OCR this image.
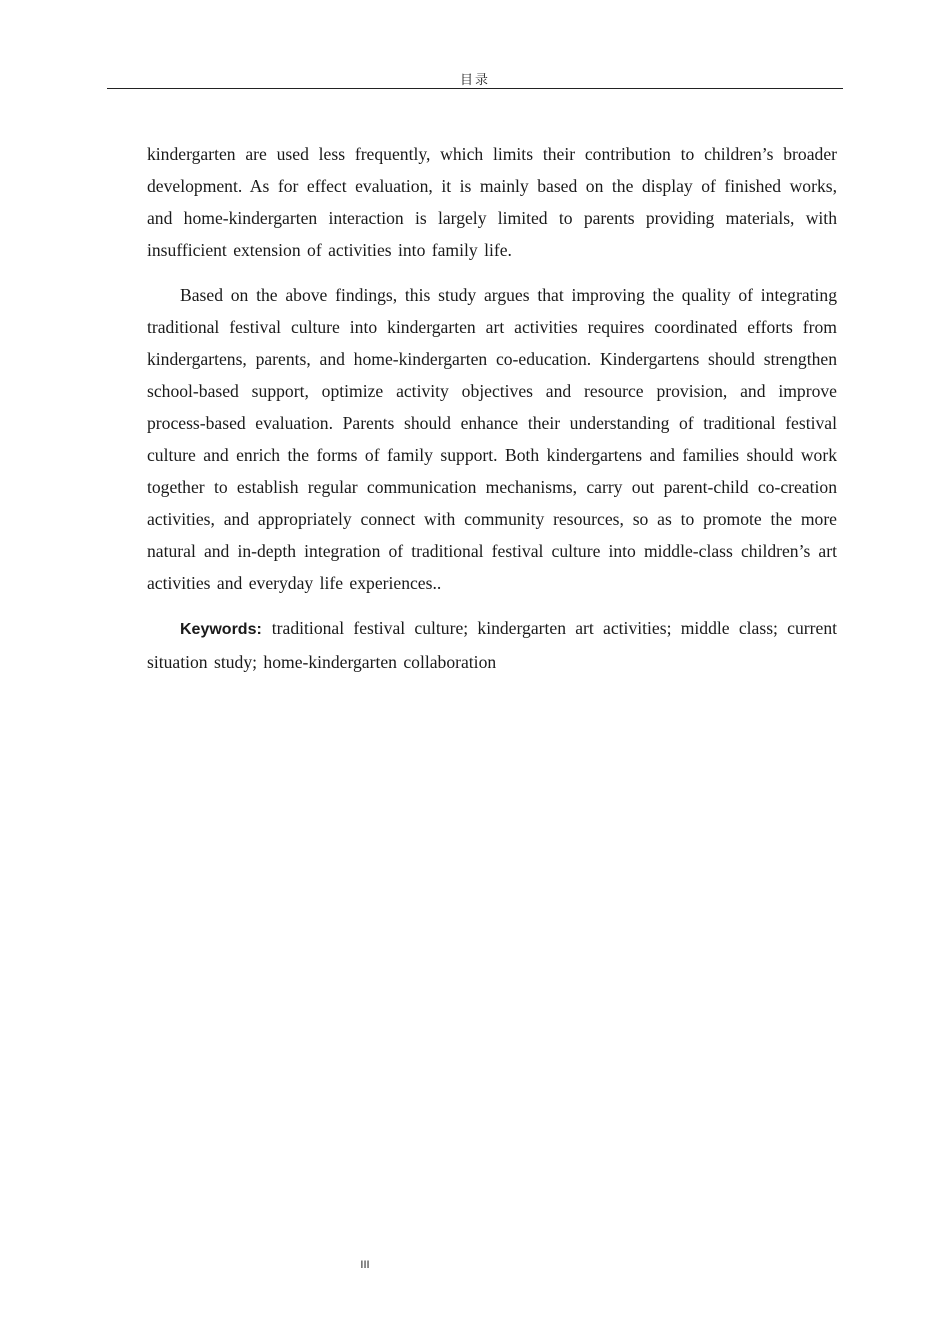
目录

kindergarten are used less frequently, which limits their contribution to children’s broader development. As for effect evaluation, it is mainly based on the display of finished works, and home-kindergarten interaction is largely limited to parents providing materials, with insufficient extension of activities into family life.

Based on the above findings, this study argues that improving the quality of integrating traditional festival culture into kindergarten art activities requires coordinated efforts from kindergartens, parents, and home-kindergarten co-education. Kindergartens should strengthen school-based support, optimize activity objectives and resource provision, and improve process-based evaluation. Parents should enhance their understanding of traditional festival culture and enrich the forms of family support. Both kindergartens and families should work together to establish regular communication mechanisms, carry out parent-child co-creation activities, and appropriately connect with community resources, so as to promote the more natural and in-depth integration of traditional festival culture into middle-class children’s art activities and everyday life experiences..

Keywords: traditional festival culture; kindergarten art activities; middle class; current situation study; home-kindergarten collaboration

III
